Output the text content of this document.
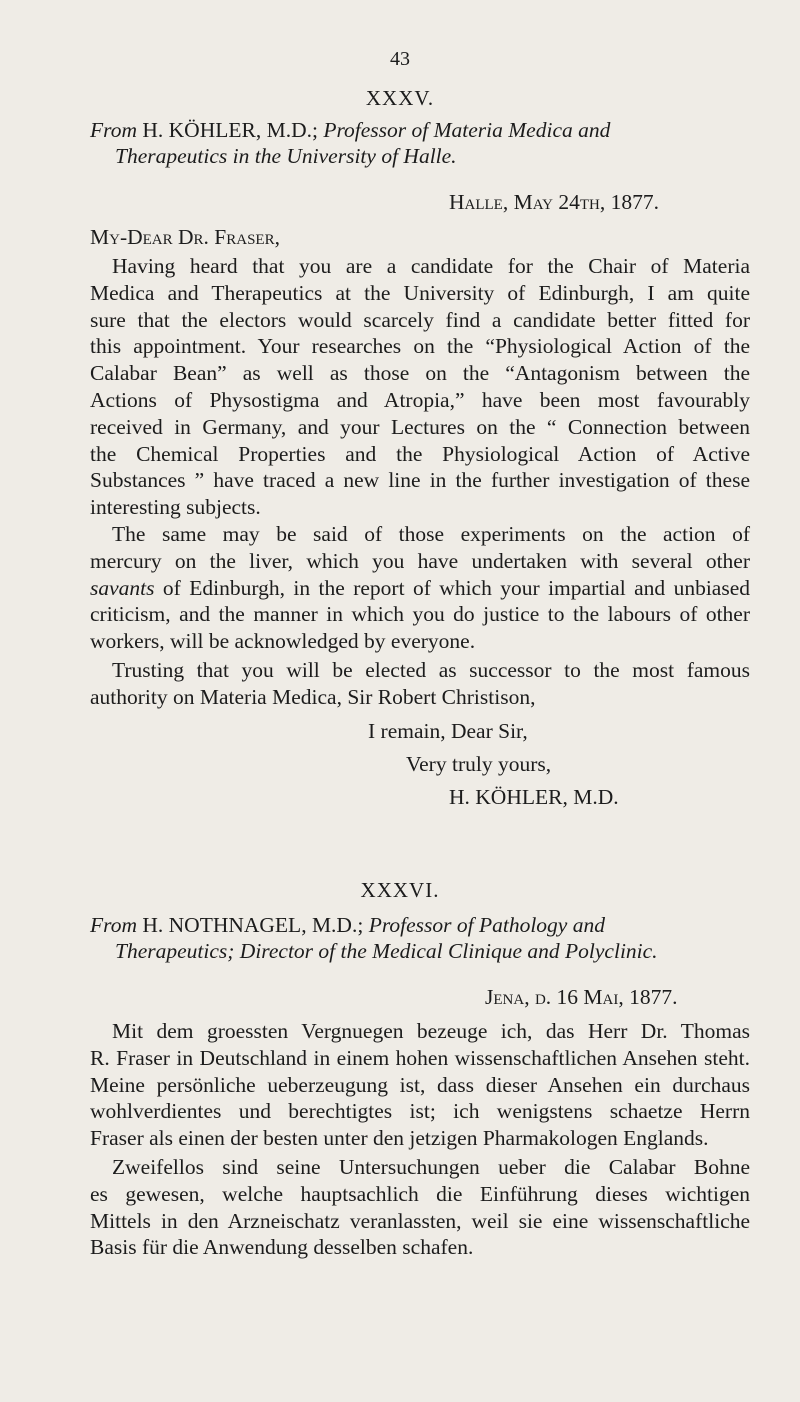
43
XXXV.
From H. KÖHLER, M.D.; Professor of Materia Medica and
Therapeutics in the University of Halle.
Halle, May 24th, 1877.
My-Dear Dr. Fraser,
Having heard that you are a candidate for the Chair of Materia
Medica and Therapeutics at the University of Edinburgh, I am quite
sure that the electors would scarcely find a candidate better fitted for
this appointment. Your researches on the “Physiological Action of the
Calabar Bean” as well as those on the “Antagonism between the
Actions of Physostigma and Atropia,” have been most favourably
received in Germany, and your Lectures on the “ Connection between
the Chemical Properties and the Physiological Action of Active
Substances ” have traced a new line in the further investigation of these
interesting subjects.
The same may be said of those experiments on the action of
mercury on the liver, which you have undertaken with several other
savants of Edinburgh, in the report of which your impartial and unbiased
criticism, and the manner in which you do justice to the labours of other
workers, will be acknowledged by everyone.
Trusting that you will be elected as successor to the most famous
authority on Materia Medica, Sir Robert Christison,
I remain, Dear Sir,
Very truly yours,
H. KÖHLER, M.D.
XXXVI.
From H. NOTHNAGEL, M.D.; Professor of Pathology and
Therapeutics; Director of the Medical Clinique and Polyclinic.
Jena, d. 16 Mai, 1877.
Mit dem groessten Vergnuegen bezeuge ich, das Herr Dr. Thomas
R. Fraser in Deutschland in einem hohen wissenschaftlichen Ansehen steht.
Meine persönliche ueberzeugung ist, dass dieser Ansehen ein durchaus
wohlverdientes und berechtigtes ist; ich wenigstens schaetze Herrn
Fraser als einen der besten unter den jetzigen Pharmakologen Englands.
Zweifellos sind seine Untersuchungen ueber die Calabar Bohne
es gewesen, welche hauptsachlich die Einführung dieses wichtigen
Mittels in den Arzneischatz veranlassten, weil sie eine wissenschaftliche
Basis für die Anwendung desselben schafen.
